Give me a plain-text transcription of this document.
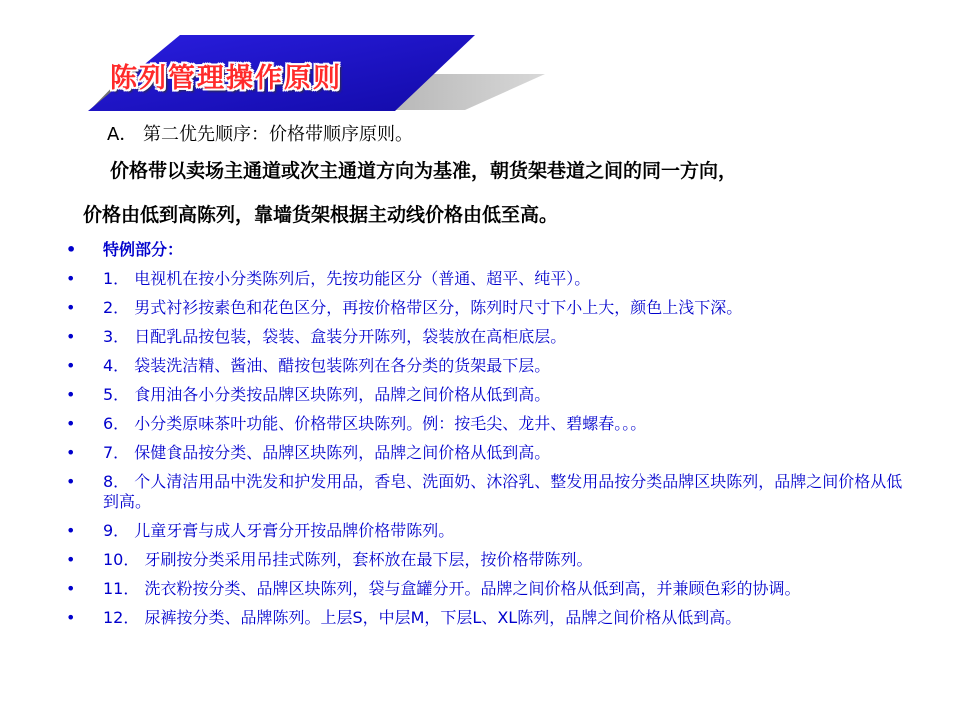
陈列管理操作原则
A． 第二优先顺序：价格带顺序原则。
价格带以卖场主通道或次主通道方向为基准，朝货架巷道之间的同一方向，
价格由低到高陈列，靠墙货架根据主动线价格由低至高。
• 特例部分：
• 1． 电视机在按小分类陈列后，先按功能区分（普通、超平、纯平）。
• 2． 男式衬衫按素色和花色区分，再按价格带区分，陈列时尺寸下小上大，颜色上浅下深。
• 3． 日配乳品按包装，袋装、盒装分开陈列，袋装放在高柜底层。
• 4． 袋装洗洁精、酱油、醋按包装陈列在各分类的货架最下层。
• 5． 食用油各小分类按品牌区块陈列，品牌之间价格从低到高。
• 6． 小分类原味茶叶功能、价格带区块陈列。例：按毛尖、龙井、碧螺春。。。
• 7． 保健食品按分类、品牌区块陈列，品牌之间价格从低到高。
• 8． 个人清洁用品中洗发和护发用品，香皂、洗面奶、沐浴乳、整发用品按分类品牌区块陈列，品牌之间价格从低到高。
• 9． 儿童牙膏与成人牙膏分开按品牌价格带陈列。
• 10． 牙刷按分类采用吊挂式陈列，套杯放在最下层，按价格带陈列。
• 11． 洗衣粉按分类、品牌区块陈列，袋与盒罐分开。品牌之间价格从低到高，并兼顾色彩的协调。
• 12． 尿裤按分类、品牌陈列。上层S，中层M，下层L、XL陈列，品牌之间价格从低到高。
